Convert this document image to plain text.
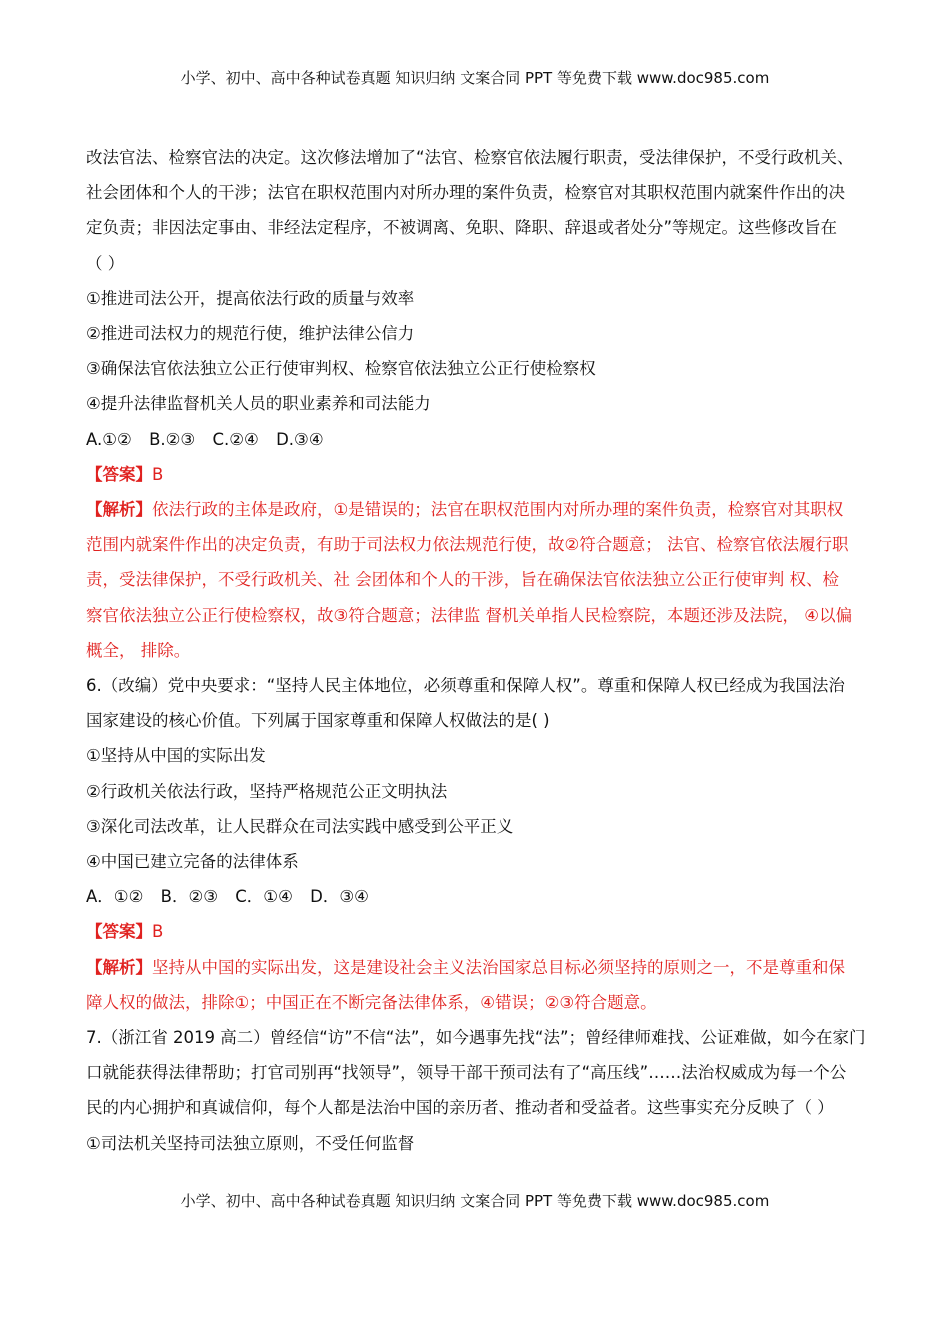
小学、初中、高中各种试卷真题 知识归纳 文案合同 PPT 等免费下载 www.doc985.com
改法官法、检察官法的决定。这次修法增加了“法官、检察官依法履行职责，受法律保护，不受行政机关、
社会团体和个人的干涉；法官在职权范围内对所办理的案件负责，检察官对其职权范围内就案件作出的决
定负责；非因法定事由、非经法定程序，不被调离、免职、降职、辞退或者处分”等规定。这些修改旨在
（ ）
①推进司法公开，提高依法行政的质量与效率
②推进司法权力的规范行使，维护法律公信力
③确保法官依法独立公正行使审判权、检察官依法独立公正行使检察权
④提升法律监督机关人员的职业素养和司法能力
A.①② B.②③ C.②④ D.③④
【答案】B
【解析】依法行政的主体是政府，①是错误的；法官在职权范围内对所办理的案件负责，检察官对其职权
范围内就案件作出的决定负责，有助于司法权力依法规范行使，故②符合题意； 法官、检察官依法履行职
责，受法律保护，不受行政机关、社 会团体和个人的干涉，旨在确保法官依法独立公正行使审判 权、检
察官依法独立公正行使检察权，故③符合题意；法律监 督机关单指人民检察院，本题还涉及法院， ④以偏
概全， 排除。
6.（改编）党中央要求：“坚持人民主体地位，必须尊重和保障人权”。尊重和保障人权已经成为我国法治
国家建设的核心价值。下列属于国家尊重和保障人权做法的是( )
①坚持从中国的实际出发
②行政机关依法行政，坚持严格规范公正文明执法
③深化司法改革，让人民群众在司法实践中感受到公平正义
④中国已建立完备的法律体系
A．①② B．②③ C．①④ D．③④
【答案】B
【解析】坚持从中国的实际出发，这是建设社会主义法治国家总目标必须坚持的原则之一，不是尊重和保
障人权的做法，排除①；中国正在不断完备法律体系，④错误；②③符合题意。
7.（浙江省 2019 高二）曾经信“访”不信“法”，如今遇事先找“法”；曾经律师难找、公证难做，如今在家门
口就能获得法律帮助；打官司别再“找领导”，领导干部干预司法有了“高压线”……法治权威成为每一个公
民的内心拥护和真诚信仰，每个人都是法治中国的亲历者、推动者和受益者。这些事实充分反映了（ ）
①司法机关坚持司法独立原则，不受任何监督
小学、初中、高中各种试卷真题 知识归纳 文案合同 PPT 等免费下载 www.doc985.com
